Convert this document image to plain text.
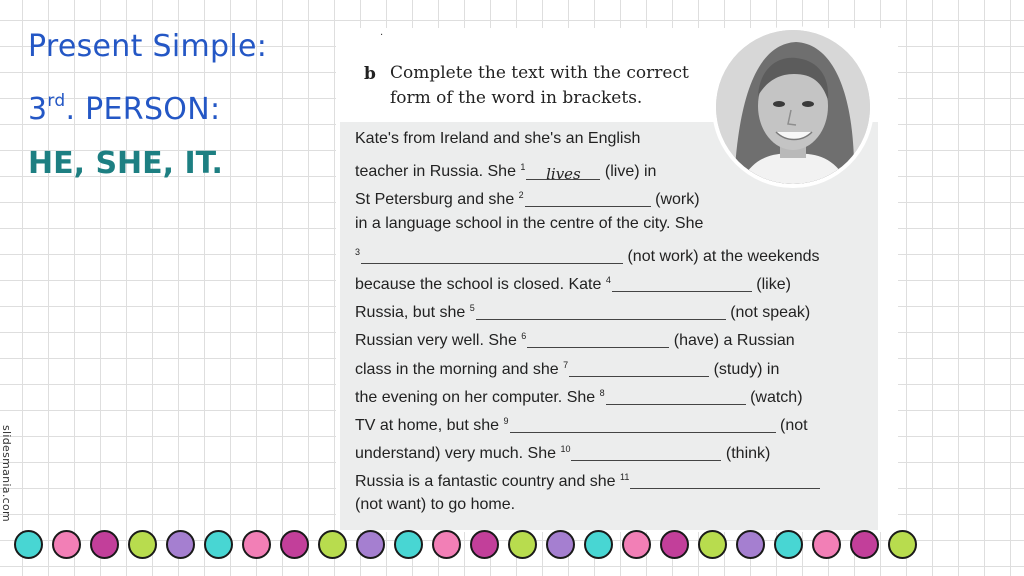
Present Simple:
3rd. PERSON:
HE, SHE, IT.
slidesmania.com
·
b Complete the text with the correct
form of the word in brackets.
Kate's from Ireland and she's an English
teacher in Russia. She $^1$ lives (live) in
St Petersburg and she $^2$	(work)
in a language school in the centre of the city. She
$^3$	(not work) at the weekends
because the school is closed. Kate $^4$	(like)
Russia, but she $^5$	(not speak)
Russian very well. She $^6$	(have) a Russian
class in the morning and she $^7$	(study) in
the evening on her computer. She $^8$	(watch)
TV at home, but she $^9$	(not
understand) very much. She $^{10}$	(think)
Russia is a fantastic country and she $^{11}$
(not want) to go home.
